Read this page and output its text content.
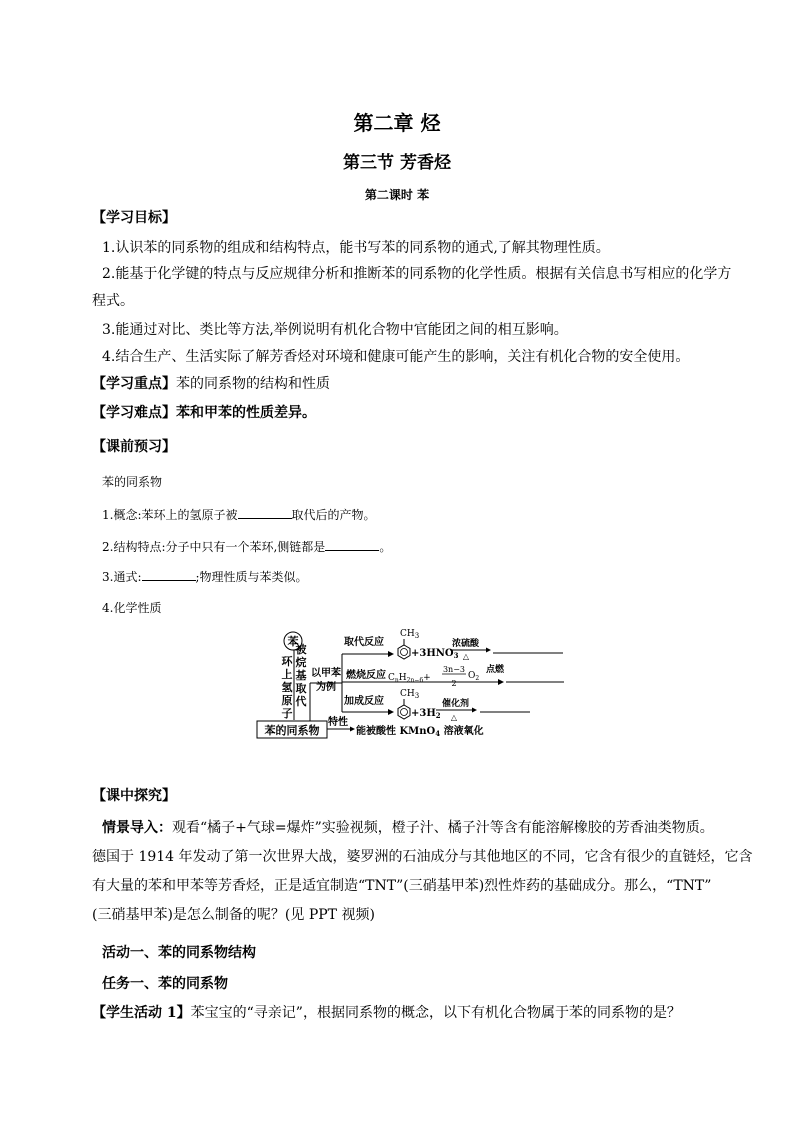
第二章 烃
第三节 芳香烃
第二课时 苯
【学习目标】
1.认识苯的同系物的组成和结构特点，能书写苯的同系物的通式,了解其物理性质。
2.能基于化学键的特点与反应规律分析和推断苯的同系物的化学性质。根据有关信息书写相应的化学方
程式。
3.能通过对比、类比等方法,举例说明有机化合物中官能团之间的相互影响。
4.结合生产、生活实际了解芳香烃对环境和健康可能产生的影响，关注有机化合物的安全使用。
【学习重点】苯的同系物的结构和性质
【学习难点】苯和甲苯的性质差异。
【课前预习】
苯的同系物
1.概念:苯环上的氢原子被	取代后的产物。
2.结构特点:分子中只有一个苯环,侧链都是	。
3.通式:	;物理性质与苯类似。
4.化学性质
苯
环
上
氢
原
子
被
烷
基
取
代
苯的同系物
以甲苯
为例
取代反应
$CH_3$
$+3HNO_3$
浓硫酸
△
燃烧反应 $C_nH_{2n-6}+$
3n−3
2
$O_2$
点燃
加成反应
$CH_3$
$+3H_2$
催化剂
△
特性
能被酸性 KMnO$_4$ 溶液氧化
【课中探究】
情景导入：观看“橘子+气球=爆炸”实验视频，橙子汁、橘子汁等含有能溶解橡胶的芳香油类物质。
德国于 1914 年发动了第一次世界大战，婆罗洲的石油成分与其他地区的不同，它含有很少的直链烃，它含
有大量的苯和甲苯等芳香烃，正是适宜制造“TNT”(三硝基甲苯)烈性炸药的基础成分。那么，“TNT”
(三硝基甲苯)是怎么制备的呢？(见 PPT 视频)
活动一、苯的同系物结构
任务一、苯的同系物
【学生活动 1】苯宝宝的“寻亲记”，根据同系物的概念，以下有机化合物属于苯的同系物的是？
